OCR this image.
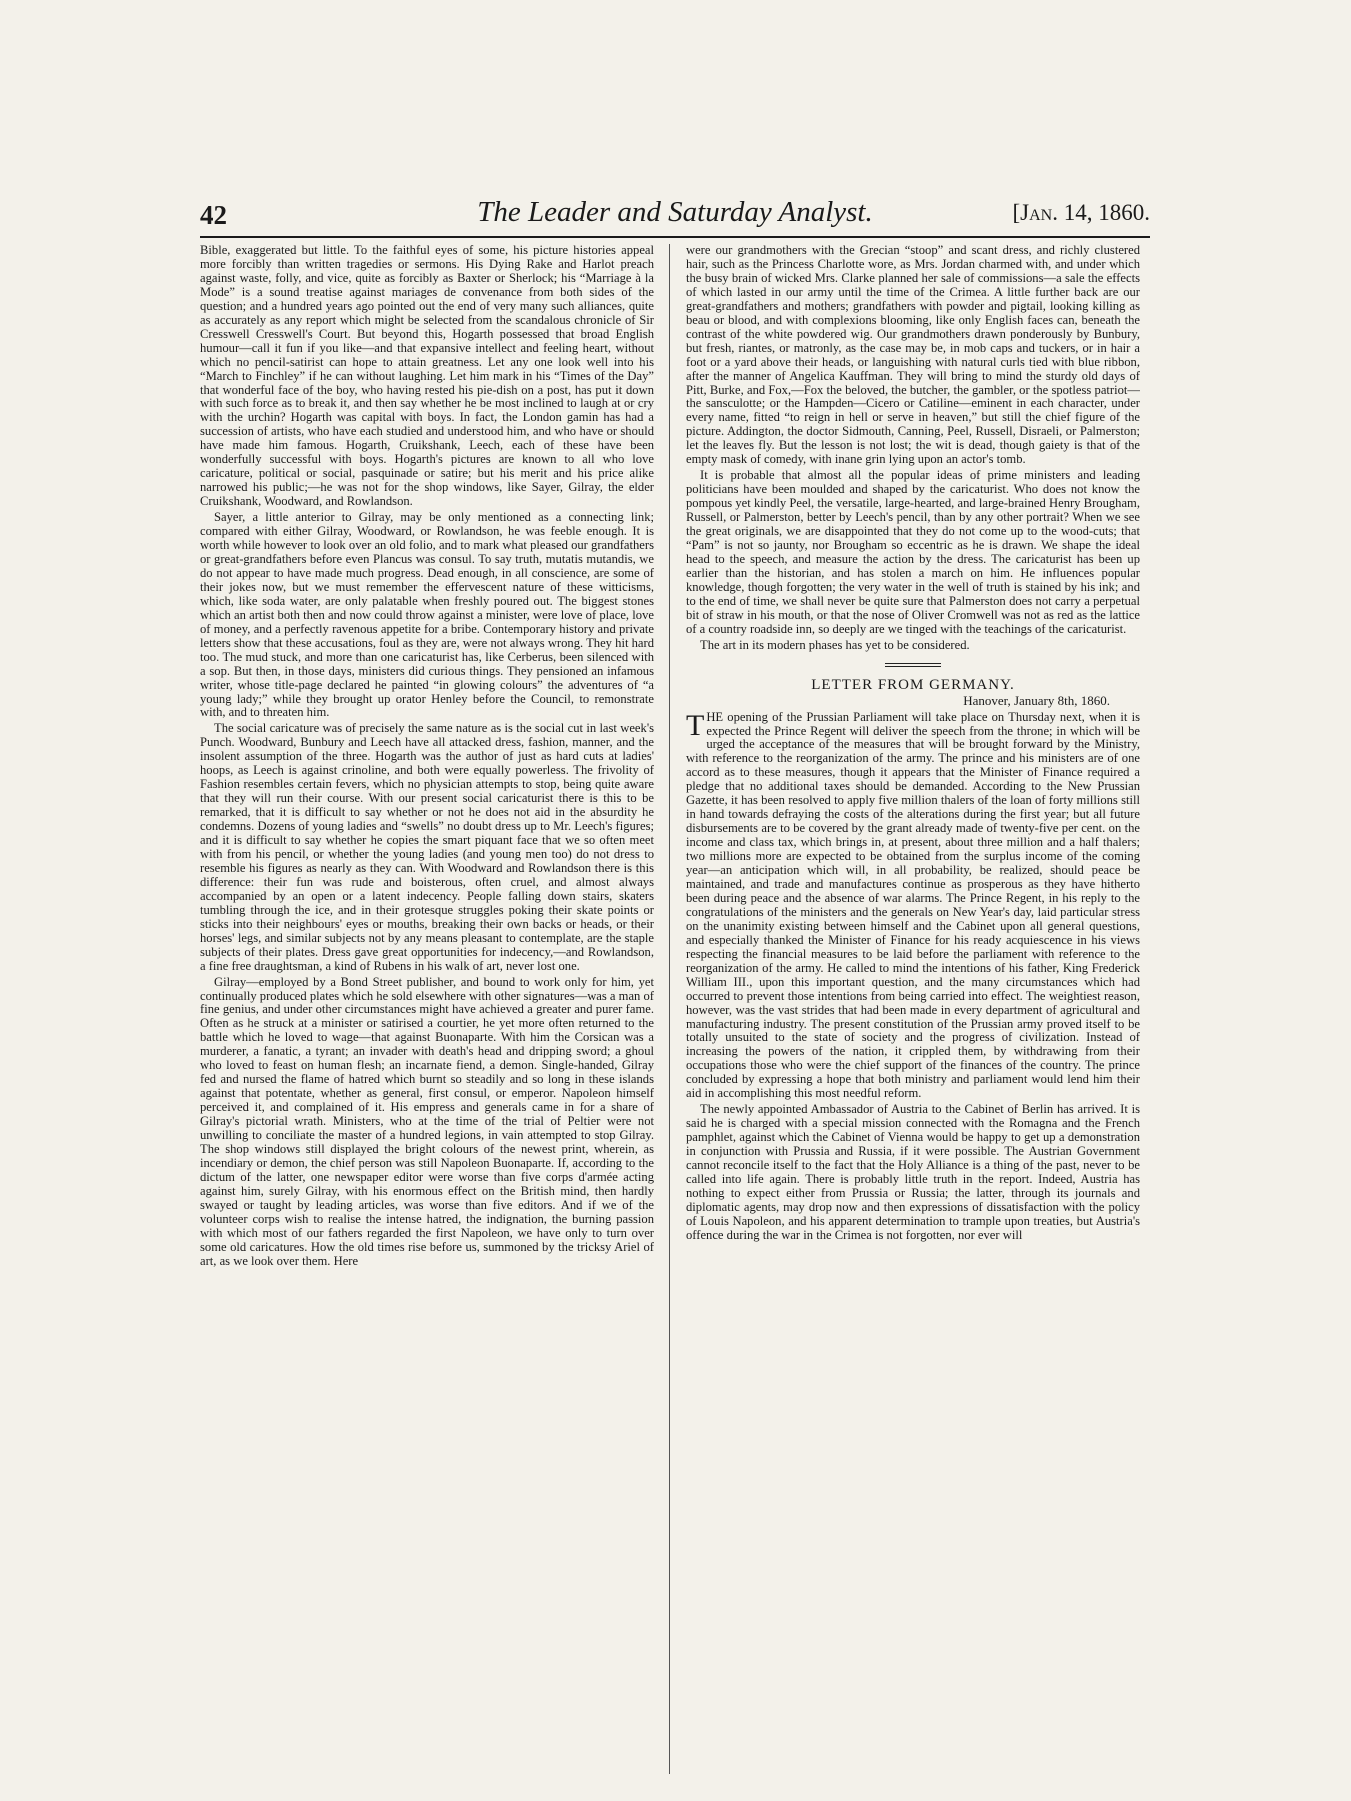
42	The Leader and Saturday Analyst.	[Jan. 14, 1860.

Bible, exaggerated but little. To the faithful eyes of some, his picture histories appeal more forcibly than written tragedies or sermons. His Dying Rake and Harlot preach against waste, folly, and vice, quite as forcibly as Baxter or Sherlock; his “Marriage à la Mode” is a sound treatise against mariages de convenance from both sides of the question; and a hundred years ago pointed out the end of very many such alliances, quite as accurately as any report which might be selected from the scandalous chronicle of Sir Cresswell Cresswell's Court. But beyond this, Hogarth possessed that broad English humour—call it fun if you like—and that expansive intellect and feeling heart, without which no pencil-satirist can hope to attain greatness. Let any one look well into his “March to Finchley” if he can without laughing. Let him mark in his “Times of the Day” that wonderful face of the boy, who having rested his pie-dish on a post, has put it down with such force as to break it, and then say whether he be most inclined to laugh at or cry with the urchin? Hogarth was capital with boys. In fact, the London gamin has had a succession of artists, who have each studied and understood him, and who have or should have made him famous. Hogarth, Cruikshank, Leech, each of these have been wonderfully successful with boys. Hogarth's pictures are known to all who love caricature, political or social, pasquinade or satire; but his merit and his price alike narrowed his public;—he was not for the shop windows, like Sayer, Gilray, the elder Cruikshank, Woodward, and Rowlandson.

Sayer, a little anterior to Gilray, may be only mentioned as a connecting link; compared with either Gilray, Woodward, or Rowlandson, he was feeble enough. It is worth while however to look over an old folio, and to mark what pleased our grandfathers or great-grandfathers before even Plancus was consul. To say truth, mutatis mutandis, we do not appear to have made much progress. Dead enough, in all conscience, are some of their jokes now, but we must remember the effervescent nature of these witticisms, which, like soda water, are only palatable when freshly poured out. The biggest stones which an artist both then and now could throw against a minister, were love of place, love of money, and a perfectly ravenous appetite for a bribe. Contemporary history and private letters show that these accusations, foul as they are, were not always wrong. They hit hard too. The mud stuck, and more than one caricaturist has, like Cerberus, been silenced with a sop. But then, in those days, ministers did curious things. They pensioned an infamous writer, whose title-page declared he painted “in glowing colours” the adventures of “a young lady;” while they brought up orator Henley before the Council, to remonstrate with, and to threaten him.

The social caricature was of precisely the same nature as is the social cut in last week's Punch. Woodward, Bunbury and Leech have all attacked dress, fashion, manner, and the insolent assumption of the three. Hogarth was the author of just as hard cuts at ladies' hoops, as Leech is against crinoline, and both were equally powerless. The frivolity of Fashion resembles certain fevers, which no physician attempts to stop, being quite aware that they will run their course. With our present social caricaturist there is this to be remarked, that it is difficult to say whether or not he does not aid in the absurdity he condemns. Dozens of young ladies and “swells” no doubt dress up to Mr. Leech's figures; and it is difficult to say whether he copies the smart piquant face that we so often meet with from his pencil, or whether the young ladies (and young men too) do not dress to resemble his figures as nearly as they can. With Woodward and Rowlandson there is this difference: their fun was rude and boisterous, often cruel, and almost always accompanied by an open or a latent indecency. People falling down stairs, skaters tumbling through the ice, and in their grotesque struggles poking their skate points or sticks into their neighbours' eyes or mouths, breaking their own backs or heads, or their horses' legs, and similar subjects not by any means pleasant to contemplate, are the staple subjects of their plates. Dress gave great opportunities for indecency,—and Rowlandson, a fine free draughtsman, a kind of Rubens in his walk of art, never lost one.

Gilray—employed by a Bond Street publisher, and bound to work only for him, yet continually produced plates which he sold elsewhere with other signatures—was a man of fine genius, and under other circumstances might have achieved a greater and purer fame. Often as he struck at a minister or satirised a courtier, he yet more often returned to the battle which he loved to wage—that against Buonaparte. With him the Corsican was a murderer, a fanatic, a tyrant; an invader with death's head and dripping sword; a ghoul who loved to feast on human flesh; an incarnate fiend, a demon. Single-handed, Gilray fed and nursed the flame of hatred which burnt so steadily and so long in these islands against that potentate, whether as general, first consul, or emperor. Napoleon himself perceived it, and complained of it. His empress and generals came in for a share of Gilray's pictorial wrath. Ministers, who at the time of the trial of Peltier were not unwilling to conciliate the master of a hundred legions, in vain attempted to stop Gilray. The shop windows still displayed the bright colours of the newest print, wherein, as incendiary or demon, the chief person was still Napoleon Buonaparte. If, according to the dictum of the latter, one newspaper editor were worse than five corps d'armée acting against him, surely Gilray, with his enormous effect on the British mind, then hardly swayed or taught by leading articles, was worse than five editors. And if we of the volunteer corps wish to realise the intense hatred, the indignation, the burning passion with which most of our fathers regarded the first Napoleon, we have only to turn over some old caricatures. How the old times rise before us, summoned by the tricksy Ariel of art, as we look over them. Here

were our grandmothers with the Grecian “stoop” and scant dress, and richly clustered hair, such as the Princess Charlotte wore, as Mrs. Jordan charmed with, and under which the busy brain of wicked Mrs. Clarke planned her sale of commissions—a sale the effects of which lasted in our army until the time of the Crimea. A little further back are our great-grandfathers and mothers; grandfathers with powder and pigtail, looking killing as beau or blood, and with complexions blooming, like only English faces can, beneath the contrast of the white powdered wig. Our grandmothers drawn ponderously by Bunbury, but fresh, riantes, or matronly, as the case may be, in mob caps and tuckers, or in hair a foot or a yard above their heads, or languishing with natural curls tied with blue ribbon, after the manner of Angelica Kauffman. They will bring to mind the sturdy old days of Pitt, Burke, and Fox,—Fox the beloved, the butcher, the gambler, or the spotless patriot—the sansculotte; or the Hampden—Cicero or Catiline—eminent in each character, under every name, fitted “to reign in hell or serve in heaven,” but still the chief figure of the picture. Addington, the doctor Sidmouth, Canning, Peel, Russell, Disraeli, or Palmerston; let the leaves fly. But the lesson is not lost; the wit is dead, though gaiety is that of the empty mask of comedy, with inane grin lying upon an actor's tomb.

It is probable that almost all the popular ideas of prime ministers and leading politicians have been moulded and shaped by the caricaturist. Who does not know the pompous yet kindly Peel, the versatile, large-hearted, and large-brained Henry Brougham, Russell, or Palmerston, better by Leech's pencil, than by any other portrait? When we see the great originals, we are disappointed that they do not come up to the wood-cuts; that “Pam” is not so jaunty, nor Brougham so eccentric as he is drawn. We shape the ideal head to the speech, and measure the action by the dress. The caricaturist has been up earlier than the historian, and has stolen a march on him. He influences popular knowledge, though forgotten; the very water in the well of truth is stained by his ink; and to the end of time, we shall never be quite sure that Palmerston does not carry a perpetual bit of straw in his mouth, or that the nose of Oliver Cromwell was not as red as the lattice of a country roadside inn, so deeply are we tinged with the teachings of the caricaturist.

The art in its modern phases has yet to be considered.

LETTER FROM GERMANY.
Hanover, January 8th, 1860.

THE opening of the Prussian Parliament will take place on Thursday next, when it is expected the Prince Regent will deliver the speech from the throne; in which will be urged the acceptance of the measures that will be brought forward by the Ministry, with reference to the reorganization of the army. The prince and his ministers are of one accord as to these measures, though it appears that the Minister of Finance required a pledge that no additional taxes should be demanded. According to the New Prussian Gazette, it has been resolved to apply five million thalers of the loan of forty millions still in hand towards defraying the costs of the alterations during the first year; but all future disbursements are to be covered by the grant already made of twenty-five per cent. on the income and class tax, which brings in, at present, about three million and a half thalers; two millions more are expected to be obtained from the surplus income of the coming year—an anticipation which will, in all probability, be realized, should peace be maintained, and trade and manufactures continue as prosperous as they have hitherto been during peace and the absence of war alarms. The Prince Regent, in his reply to the congratulations of the ministers and the generals on New Year's day, laid particular stress on the unanimity existing between himself and the Cabinet upon all general questions, and especially thanked the Minister of Finance for his ready acquiescence in his views respecting the financial measures to be laid before the parliament with reference to the reorganization of the army. He called to mind the intentions of his father, King Frederick William III., upon this important question, and the many circumstances which had occurred to prevent those intentions from being carried into effect. The weightiest reason, however, was the vast strides that had been made in every department of agricultural and manufacturing industry. The present constitution of the Prussian army proved itself to be totally unsuited to the state of society and the progress of civilization. Instead of increasing the powers of the nation, it crippled them, by withdrawing from their occupations those who were the chief support of the finances of the country. The prince concluded by expressing a hope that both ministry and parliament would lend him their aid in accomplishing this most needful reform.

The newly appointed Ambassador of Austria to the Cabinet of Berlin has arrived. It is said he is charged with a special mission connected with the Romagna and the French pamphlet, against which the Cabinet of Vienna would be happy to get up a demonstration in conjunction with Prussia and Russia, if it were possible. The Austrian Government cannot reconcile itself to the fact that the Holy Alliance is a thing of the past, never to be called into life again. There is probably little truth in the report. Indeed, Austria has nothing to expect either from Prussia or Russia; the latter, through its journals and diplomatic agents, may drop now and then expressions of dissatisfaction with the policy of Louis Napoleon, and his apparent determination to trample upon treaties, but Austria's offence during the war in the Crimea is not forgotten, nor ever will
